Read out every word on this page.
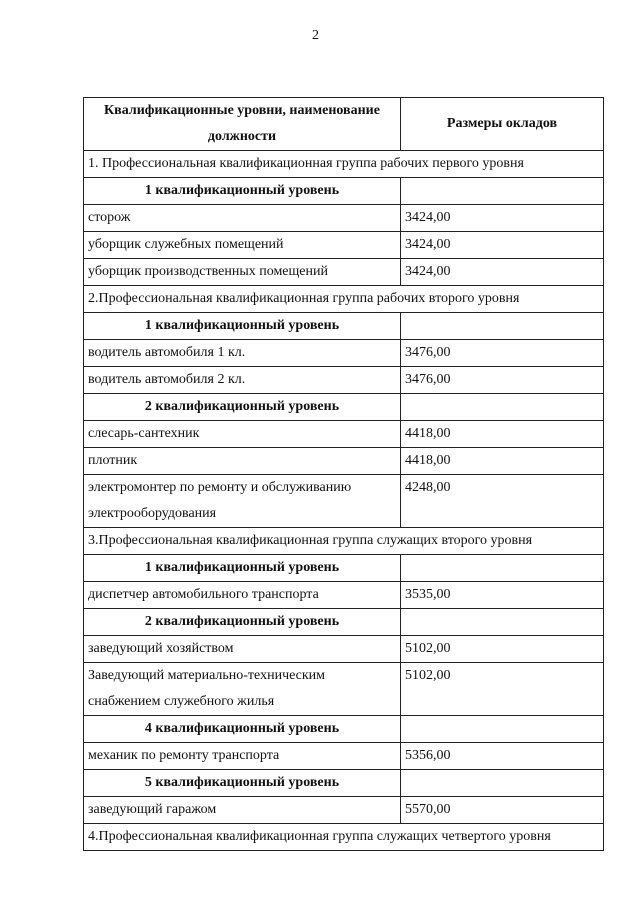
2
Квалификационные уровни, наименование должности	Размеры окладов
1. Профессиональная квалификационная группа рабочих первого уровня	
1 квалификационный уровень	
сторож	3424,00
уборщик служебных помещений	3424,00
уборщик производственных помещений	3424,00
2.Профессиональная квалификационная группа рабочих второго уровня	
1 квалификационный уровень	
водитель автомобиля 1 кл.	3476,00
водитель автомобиля 2 кл.	3476,00
2 квалификационный уровень	
слесарь-сантехник	4418,00
плотник	4418,00
электромонтер по ремонту и обслуживанию электрооборудования	4248,00
3.Профессиональная квалификационная группа служащих второго уровня	
1 квалификационный уровень	
диспетчер автомобильного транспорта	3535,00
2 квалификационный уровень	
заведующий хозяйством	5102,00
Заведующий материально-техническим снабжением служебного жилья	5102,00
4 квалификационный уровень	
механик по ремонту транспорта	5356,00
5 квалификационный уровень	
заведующий гаражом	5570,00
4.Профессиональная квалификационная группа служащих четвертого уровня	
